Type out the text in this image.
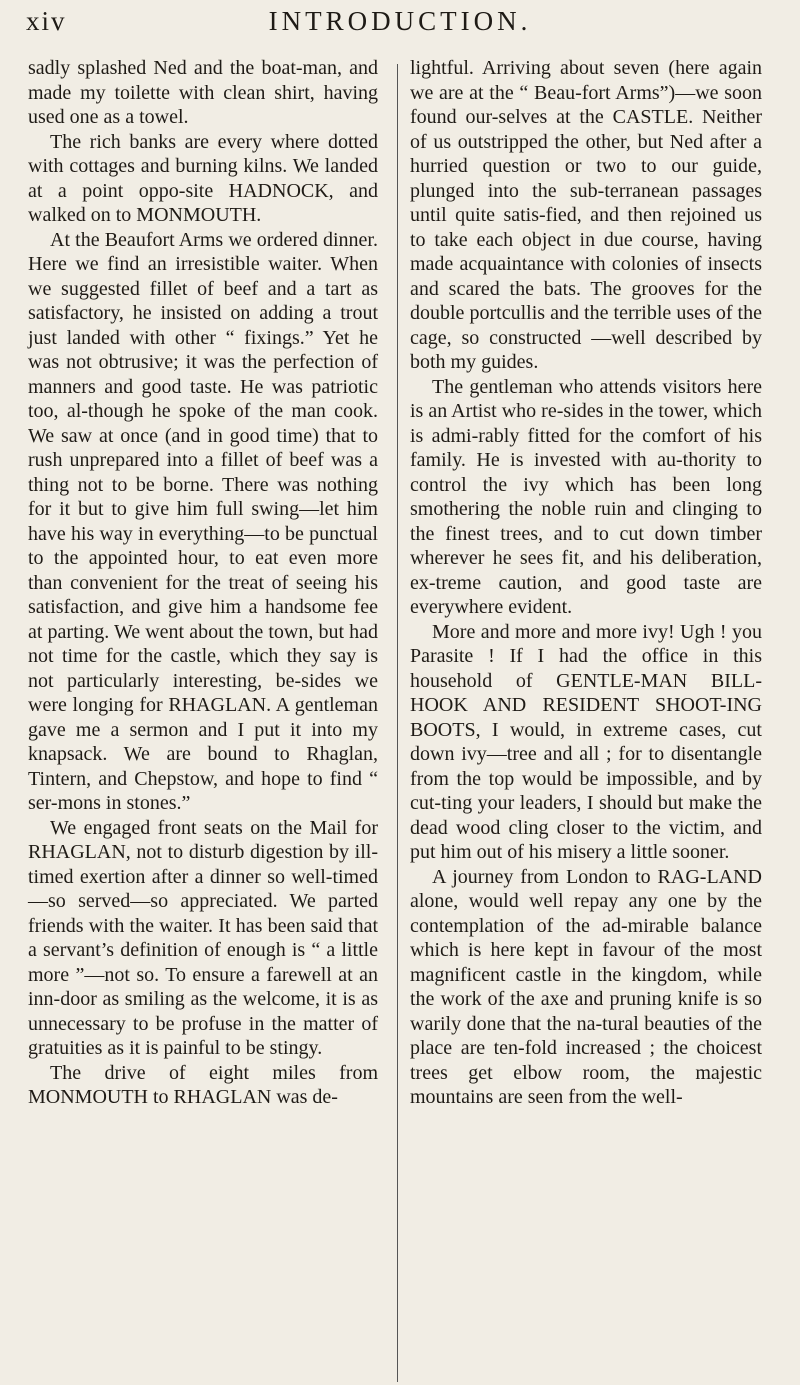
xiv	INTRODUCTION.

sadly splashed Ned and the boat-man, and made my toilette with clean shirt, having used one as a towel.

The rich banks are every where dotted with cottages and burning kilns. We landed at a point oppo-site HADNOCK, and walked on to MONMOUTH.

At the Beaufort Arms we ordered dinner. Here we find an irresistible waiter. When we suggested fillet of beef and a tart as satisfactory, he insisted on adding a trout just landed with other “ fixings.” Yet he was not obtrusive; it was the perfection of manners and good taste. He was patriotic too, al-though he spoke of the man cook. We saw at once (and in good time) that to rush unprepared into a fillet of beef was a thing not to be borne. There was nothing for it but to give him full swing—let him have his way in everything—to be punctual to the appointed hour, to eat even more than convenient for the treat of seeing his satisfaction, and give him a handsome fee at parting. We went about the town, but had not time for the castle, which they say is not particularly interesting, be-sides we were longing for RHAGLAN. A gentleman gave me a sermon and I put it into my knapsack. We are bound to Rhaglan, Tintern, and Chepstow, and hope to find “ ser-mons in stones.”

We engaged front seats on the Mail for RHAGLAN, not to disturb digestion by ill-timed exertion after a dinner so well-timed—so served—so appreciated. We parted friends with the waiter. It has been said that a servant’s definition of enough is “ a little more ”—not so. To ensure a farewell at an inn-door as smiling as the welcome, it is as unnecessary to be profuse in the matter of gratuities as it is painful to be stingy.

The drive of eight miles from MONMOUTH to RHAGLAN was de-

lightful. Arriving about seven (here again we are at the “ Beau-fort Arms”)—we soon found our-selves at the CASTLE. Neither of us outstripped the other, but Ned after a hurried question or two to our guide, plunged into the sub-terranean passages until quite satis-fied, and then rejoined us to take each object in due course, having made acquaintance with colonies of insects and scared the bats. The grooves for the double portcullis and the terrible uses of the cage, so constructed —well described by both my guides.

The gentleman who attends visitors here is an Artist who re-sides in the tower, which is admi-rably fitted for the comfort of his family. He is invested with au-thority to control the ivy which has been long smothering the noble ruin and clinging to the finest trees, and to cut down timber wherever he sees fit, and his deliberation, ex-treme caution, and good taste are everywhere evident.

More and more and more ivy! Ugh ! you Parasite ! If I had the office in this household of GENTLE-MAN BILL-HOOK AND RESIDENT SHOOT-ING BOOTS, I would, in extreme cases, cut down ivy—tree and all ; for to disentangle from the top would be impossible, and by cut-ting your leaders, I should but make the dead wood cling closer to the victim, and put him out of his misery a little sooner.

A journey from London to RAG-LAND alone, would well repay any one by the contemplation of the ad-mirable balance which is here kept in favour of the most magnificent castle in the kingdom, while the work of the axe and pruning knife is so warily done that the na-tural beauties of the place are ten-fold increased ; the choicest trees get elbow room, the majestic mountains are seen from the well-
